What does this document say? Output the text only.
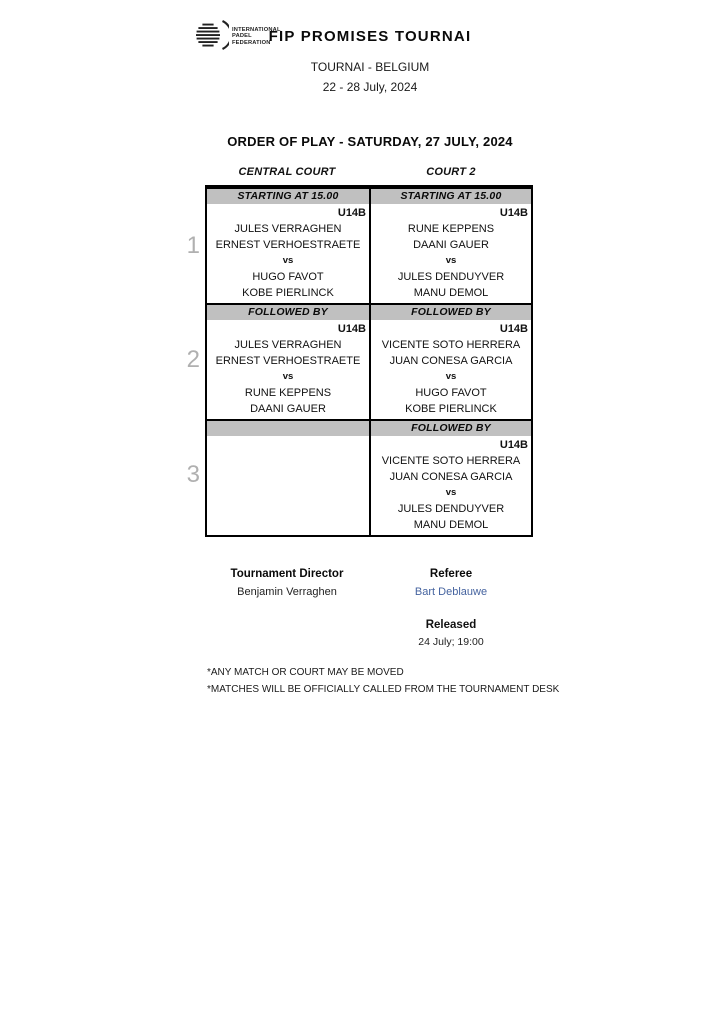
INTERNATIONAL
PADEL
FEDERATION
FIP PROMISES TOURNAI
TOURNAI - BELGIUM
22 - 28 July, 2024
ORDER OF PLAY - SATURDAY, 27 JULY, 2024
CENTRAL COURT	COURT 2
STARTING AT 15.00
U14B
JULES VERRAGHEN
ERNEST VERHOESTRAETE
vs
HUGO FAVOT
KOBE PIERLINCK
STARTING AT 15.00
U14B
RUNE KEPPENS
DAANI GAUER
vs
JULES DENDUYVER
MANU DEMOL
FOLLOWED BY
U14B
JULES VERRAGHEN
ERNEST VERHOESTRAETE
vs
RUNE KEPPENS
DAANI GAUER
FOLLOWED BY
U14B
VICENTE SOTO HERRERA
JUAN CONESA GARCIA
vs
HUGO FAVOT
KOBE PIERLINCK
FOLLOWED BY
U14B
VICENTE SOTO HERRERA
JUAN CONESA GARCIA
vs
JULES DENDUYVER
MANU DEMOL
1
2
3
Tournament Director
Benjamin Verraghen
Referee
Bart Deblauwe
Released
24 July; 19:00
*ANY MATCH OR COURT MAY BE MOVED
*MATCHES WILL BE OFFICIALLY CALLED FROM THE TOURNAMENT DESK
